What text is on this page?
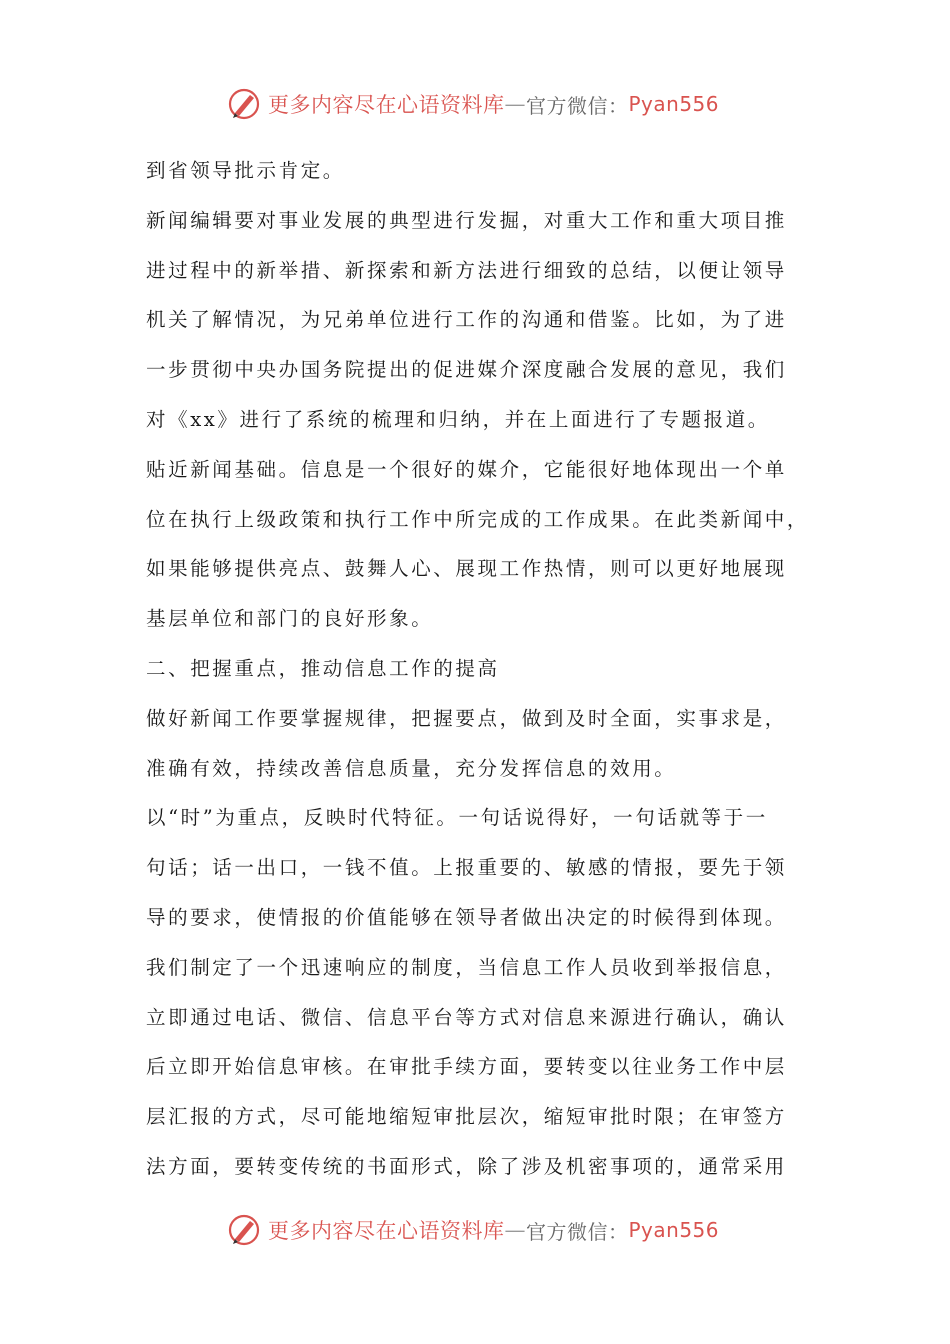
更多内容尽在心语资料库 — 官方微信： Pyan556
到省领导批示肯定。
新闻编辑要对事业发展的典型进行发掘，对重大工作和重大项目推
进过程中的新举措、新探索和新方法进行细致的总结，以便让领导
机关了解情况，为兄弟单位进行工作的沟通和借鉴。比如，为了进
一步贯彻中央办国务院提出的促进媒介深度融合发展的意见，我们
对《xx》进行了系统的梳理和归纳，并在上面进行了专题报道。
贴近新闻基础。信息是一个很好的媒介，它能很好地体现出一个单
位在执行上级政策和执行工作中所完成的工作成果。在此类新闻中，
如果能够提供亮点、鼓舞人心、展现工作热情，则可以更好地展现
基层单位和部门的良好形象。
二、把握重点，推动信息工作的提高
做好新闻工作要掌握规律，把握要点，做到及时全面，实事求是，
准确有效，持续改善信息质量，充分发挥信息的效用。
以“时”为重点，反映时代特征。一句话说得好，一句话就等于一
句话；话一出口，一钱不值。上报重要的、敏感的情报，要先于领
导的要求，使情报的价值能够在领导者做出决定的时候得到体现。
我们制定了一个迅速响应的制度，当信息工作人员收到举报信息，
立即通过电话、微信、信息平台等方式对信息来源进行确认，确认
后立即开始信息审核。在审批手续方面，要转变以往业务工作中层
层汇报的方式，尽可能地缩短审批层次，缩短审批时限；在审签方
法方面，要转变传统的书面形式，除了涉及机密事项的，通常采用
更多内容尽在心语资料库 — 官方微信： Pyan556
